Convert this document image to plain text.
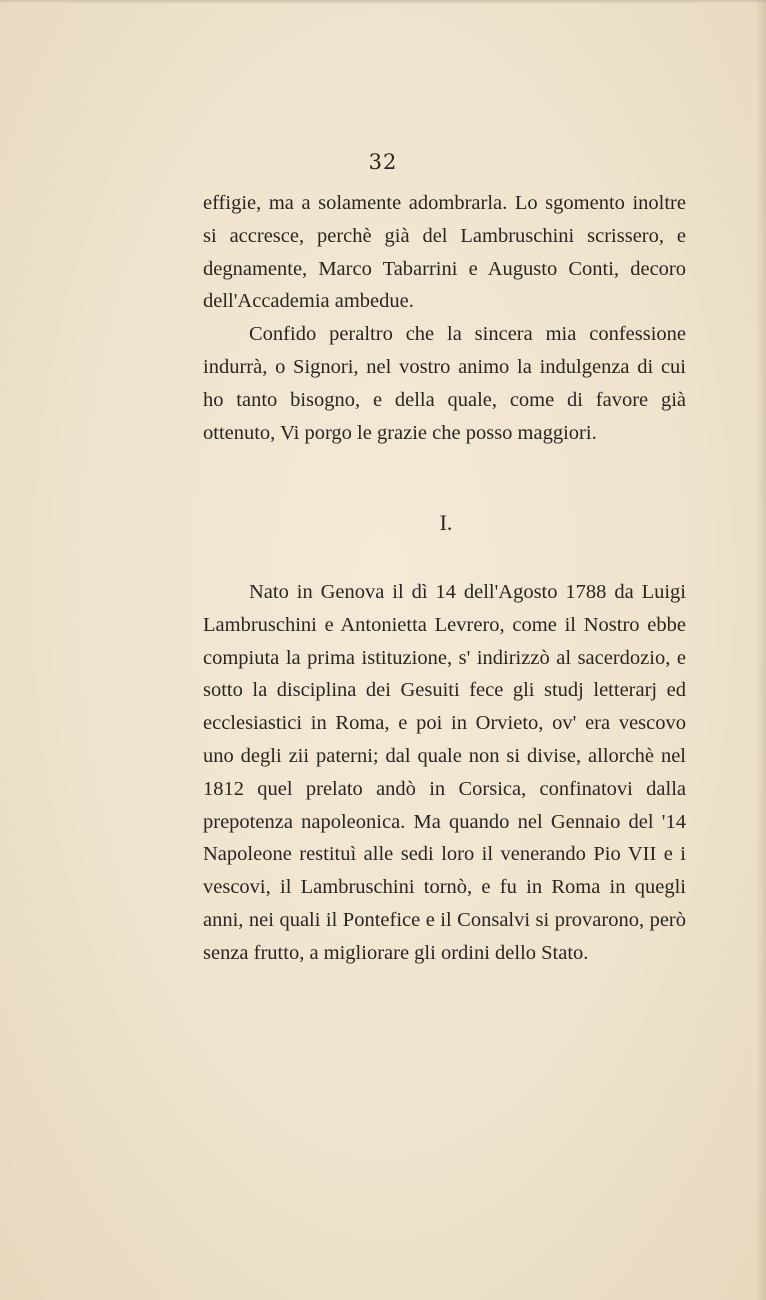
32

effigie, ma a solamente adombrarla. Lo sgomento inoltre si accresce, perchè già del Lambruschini scrissero, e degnamente, Marco Tabarrini e Augusto Conti, decoro dell'Accademia ambedue.

Confido peraltro che la sincera mia confessione indurrà, o Signori, nel vostro animo la indulgenza di cui ho tanto bisogno, e della quale, come di favore già ottenuto, Vi porgo le grazie che posso maggiori.

I.

Nato in Genova il dì 14 dell'Agosto 1788 da Luigi Lambruschini e Antonietta Levrero, come il Nostro ebbe compiuta la prima istituzione, s' indirizzò al sacerdozio, e sotto la disciplina dei Gesuiti fece gli studj letterarj ed ecclesiastici in Roma, e poi in Orvieto, ov' era vescovo uno degli zii paterni; dal quale non si divise, allorchè nel 1812 quel prelato andò in Corsica, confinatovi dalla prepotenza napoleonica. Ma quando nel Gennaio del '14 Napoleone restituì alle sedi loro il venerando Pio VII e i vescovi, il Lambruschini tornò, e fu in Roma in quegli anni, nei quali il Pontefice e il Consalvi si provarono, però senza frutto, a migliorare gli ordini dello Stato.
